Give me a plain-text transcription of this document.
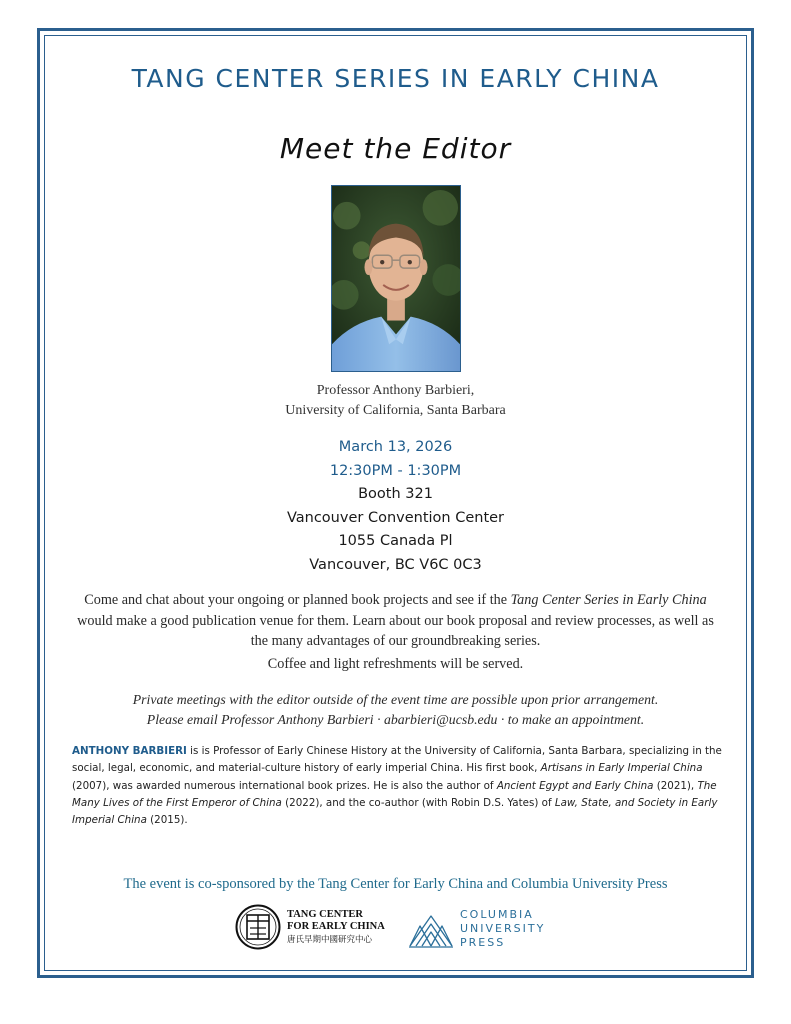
TANG CENTER SERIES IN EARLY CHINA
Meet the Editor
Professor Anthony Barbieri,
University of California, Santa Barbara
March 13, 2026
12:30PM - 1:30PM
Booth 321
Vancouver Convention Center
1055 Canada Pl
Vancouver, BC V6C 0C3
Come and chat about your ongoing or planned book projects and see if the Tang Center Series in Early China would make a good publication venue for them. Learn about our book proposal and review processes, as well as the many advantages of our groundbreaking series.
Coffee and light refreshments will be served.
Private meetings with the editor outside of the event time are possible upon prior arrangement.
Please email Professor Anthony Barbieri · abarbieri@ucsb.edu · to make an appointment.
ANTHONY BARBIERI is is Professor of Early Chinese History at the University of California, Santa Barbara, specializing in the social, legal, economic, and material-culture history of early imperial China. His first book, Artisans in Early Imperial China (2007), was awarded numerous international book prizes. He is also the author of Ancient Egypt and Early China (2021), The Many Lives of the First Emperor of China (2022), and the co-author (with Robin D.S. Yates) of Law, State, and Society in Early Imperial China (2015).
The event is co-sponsored by the Tang Center for Early China and Columbia University Press
TANG CENTER
FOR EARLY CHINA
唐氏早期中國研究中心
COLUMBIA
UNIVERSITY
PRESS
